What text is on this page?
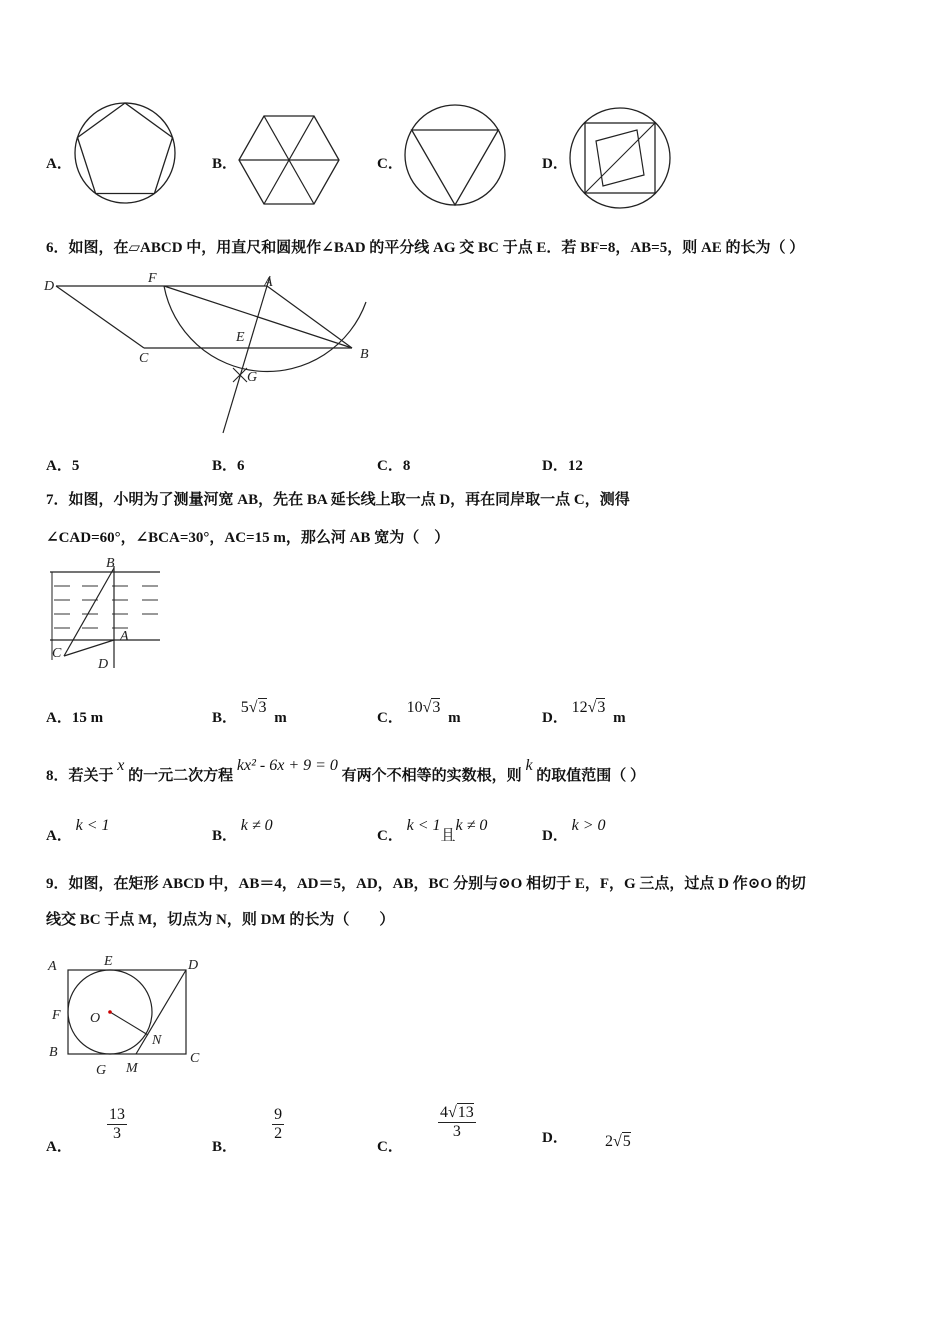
A．	B．	C．	D．
6．如图，在▱ABCD 中，用直尺和圆规作∠BAD 的平分线 AG 交 BC 于点 E．若 BF=8，AB=5，则 AE 的长为（ ）
D
F	A
E
C	B
G
A．5	B．6	C．8	D．12
7．如图，小明为了测量河宽 AB，先在 BA 延长线上取一点 D，再在同岸取一点 C，测得
∠CAD=60°，∠BCA=30°，AC=15 m，那么河 AB 宽为（　）
B
A
C
D
A．15 m	B． 5√3 m	C． 10√3 m	D． 12√3 m
8．若关于 x 的一元二次方程 kx² - 6x + 9 = 0 有两个不相等的实数根，则 k 的取值范围（ ）
A． k < 1
B． k ≠ 0
C． k < 1且k ≠ 0
D． k > 0
9．如图，在矩形 ABCD 中，AB＝4，AD＝5，AD，AB，BC 分别与⊙O 相切于 E，F，G 三点，过点 D 作⊙O 的切
线交 BC 于点 M，切点为 N，则 DM 的长为（　　）
A	E	D
F O
N
B
G M
C
A．
$\frac{13}{3}$
B．
$\frac{9}{2}$
C．
$\frac{4√13}{3}$	D． 2√5
